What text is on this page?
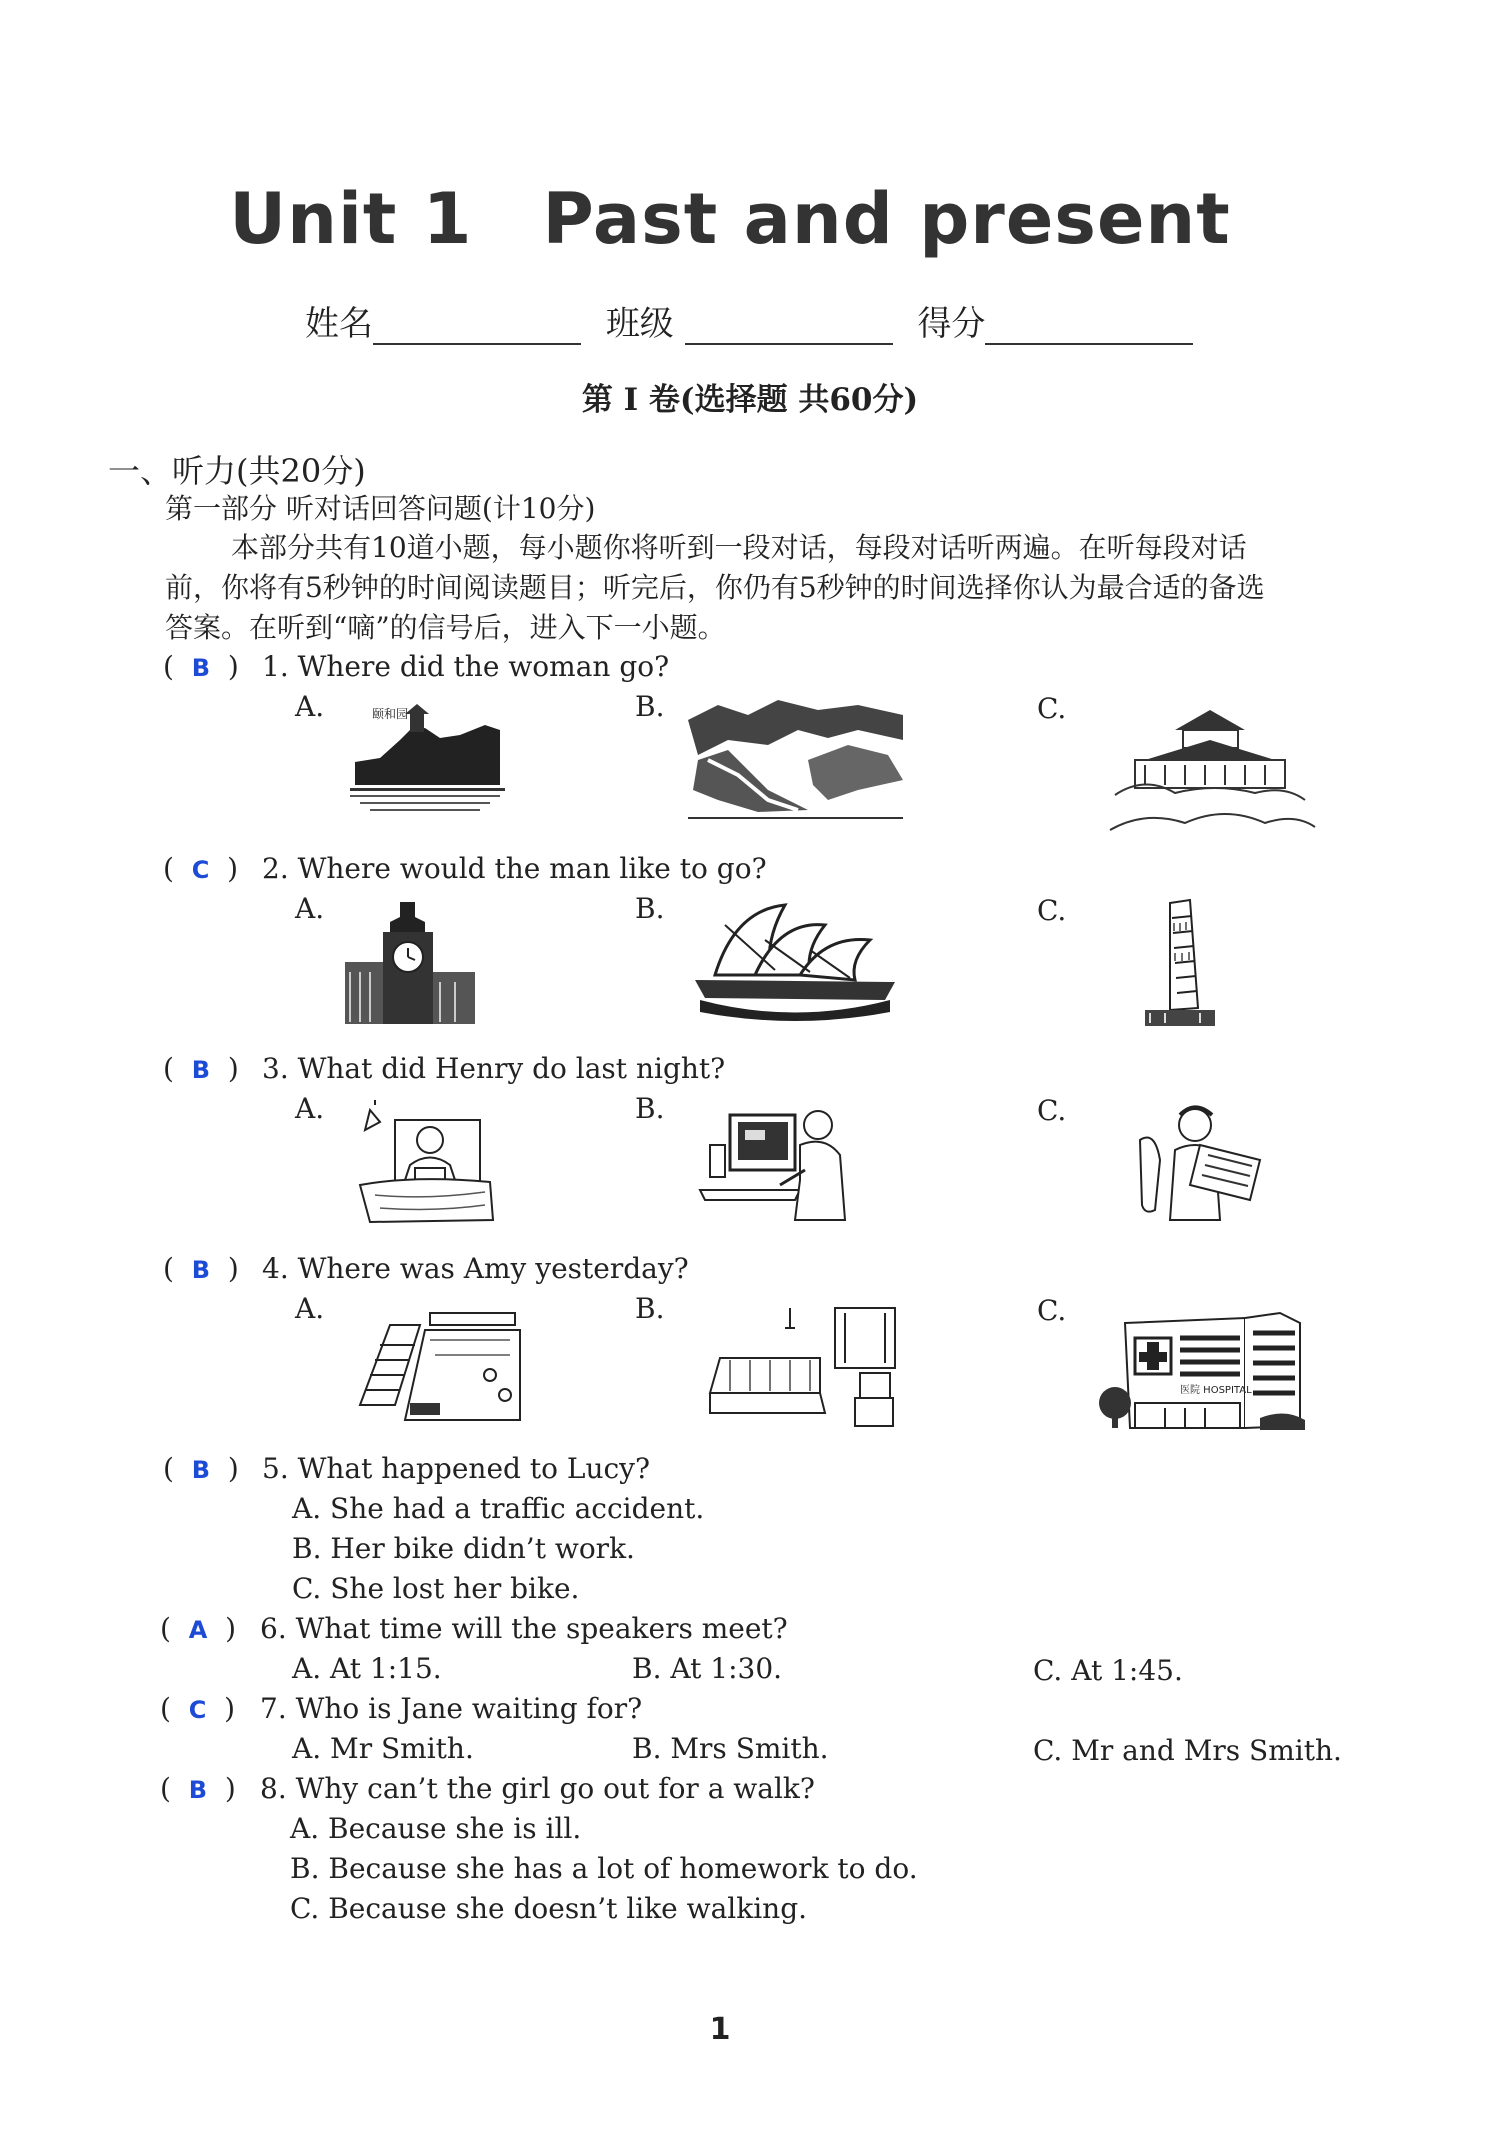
Unit 1 Past and present
姓名	班级	得分
第 I 卷(选择题 共60分)
一、听力(共20分)
第一部分 听对话回答问题(计10分)
本部分共有10道小题，每小题你将听到一段对话，每段对话听两遍。在听每段对话
前，你将有5秒钟的时间阅读题目；听完后，你仍有5秒钟的时间选择你认为最合适的备选
答案。在听到“嘀”的信号后，进入下一小题。
(  B  ) 1. Where did the woman go?
A.	B.	C.
颐和园
(  C  ) 2. Where would the man like to go?
A.	B.	C.
(  B  ) 3. What did Henry do last night?
A.	B.	C.
(  B  ) 4. Where was Amy yesterday?
A.	B.	C.
医院 HOSPITAL
(  B  ) 5. What happened to Lucy?
A. She had a traffic accident.
B. Her bike didn’t work.
C. She lost her bike.
(  A  ) 6. What time will the speakers meet?
A. At 1:15.	B. At 1:30.	C. At 1:45.
(  C  ) 7. Who is Jane waiting for?
A. Mr Smith.	B. Mrs Smith.	C. Mr and Mrs Smith.
(  B  ) 8. Why can’t the girl go out for a walk?
A. Because she is ill.
B. Because she has a lot of homework to do.
C. Because she doesn’t like walking.
1
